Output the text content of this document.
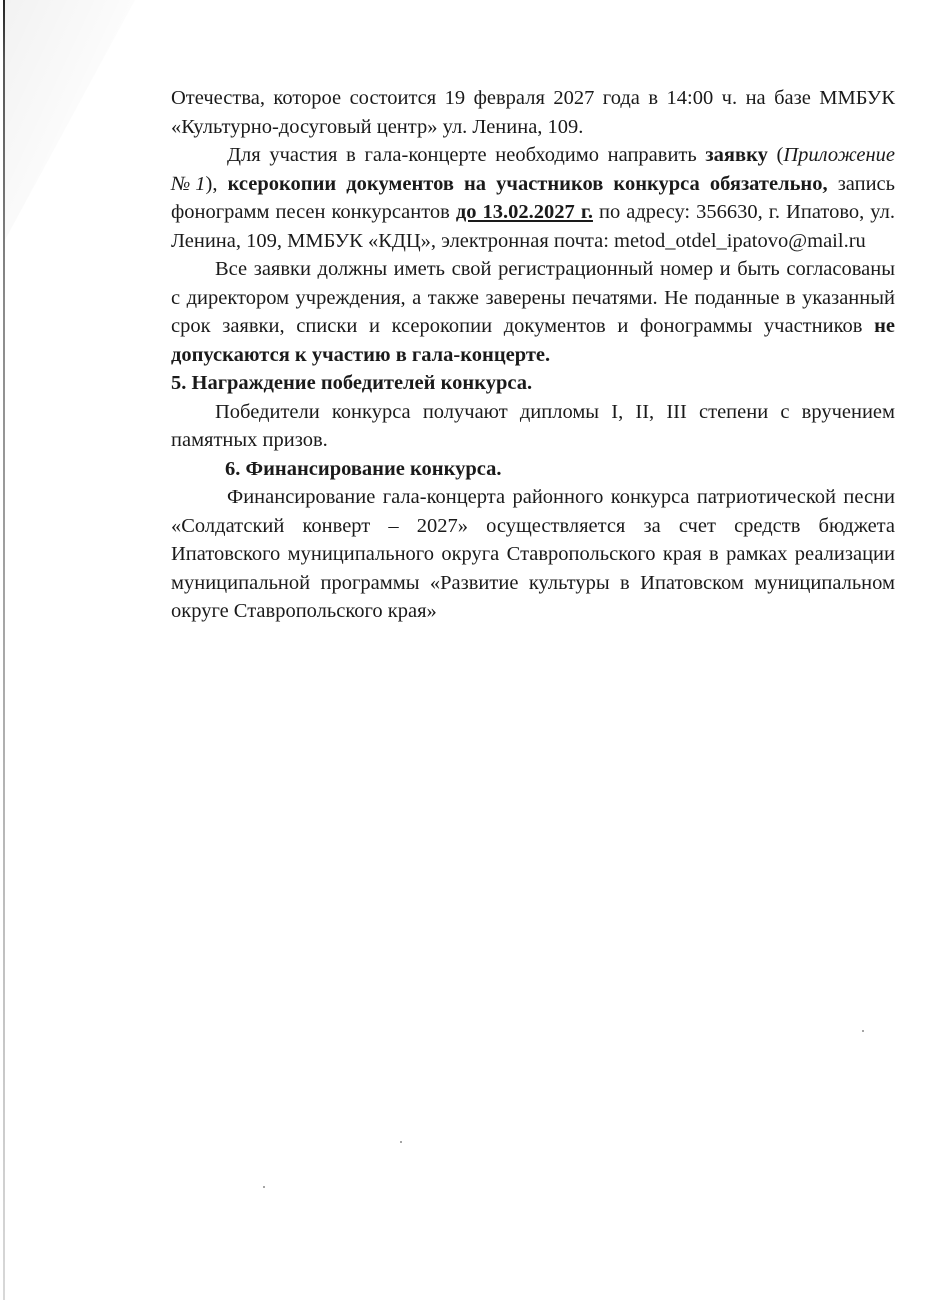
Отечества, которое состоится 19 февраля 2027 года в 14:00 ч. на базе ММБУК «Культурно-досуговый центр» ул. Ленина, 109.

Для участия в гала-концерте необходимо направить заявку (Приложение №1), ксерокопии документов на участников конкурса обязательно, запись фонограмм песен конкурсантов до 13.02.2027 г. по адресу: 356630, г. Ипатово, ул. Ленина, 109, ММБУК «КДЦ», электронная почта: metod_otdel_ipatovo@mail.ru

Все заявки должны иметь свой регистрационный номер и быть согласованы с директором учреждения, а также заверены печатями. Не поданные в указанный срок заявки, списки и ксерокопии документов и фонограммы участников не допускаются к участию в гала-концерте.

5. Награждение победителей конкурса.

Победители конкурса получают дипломы I, II, III степени с вручением памятных призов.

6. Финансирование конкурса.

Финансирование гала-концерта районного конкурса патриотической песни «Солдатский конверт – 2027» осуществляется за счет средств бюджета Ипатовского муниципального округа Ставропольского края в рамках реализации муниципальной программы «Развитие культуры в Ипатовском муниципальном округе Ставропольского края»
